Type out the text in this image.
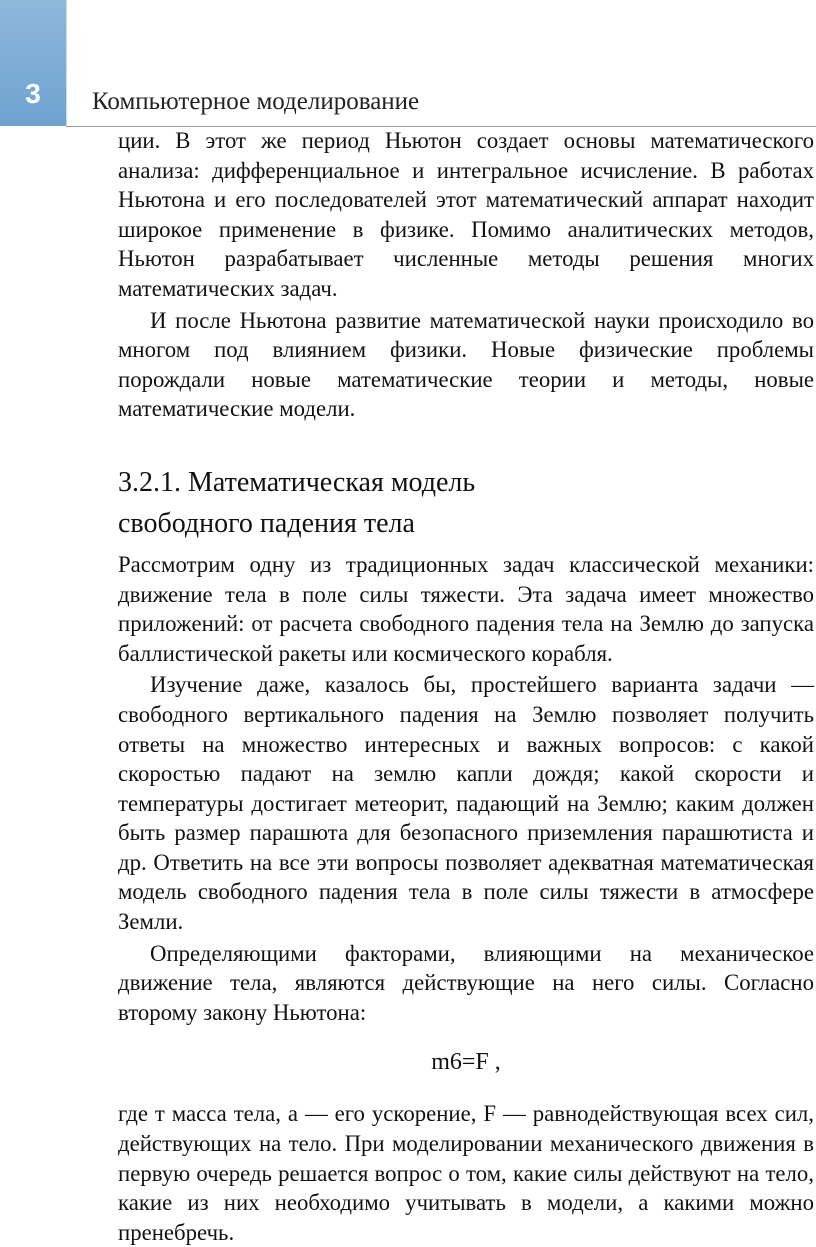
3	Компьютерное моделирование

ции. В этот же период Ньютон создает основы математического анализа: дифференциальное и интегральное исчисление. В работах Ньютона и его последователей этот математический аппарат находит широкое применение в физике. Помимо аналитических методов, Ньютон разрабатывает численные методы решения многих математических задач.

И после Ньютона развитие математической науки происходило во многом под влиянием физики. Новые физические проблемы порождали новые математические теории и методы, новые математические модели.

3.2.1. Математическая модель свободного падения тела

Рассмотрим одну из традиционных задач классической механики: движение тела в поле силы тяжести. Эта задача имеет множество приложений: от расчета свободного падения тела на Землю до запуска баллистической ракеты или космического корабля.

Изучение даже, казалось бы, простейшего варианта задачи — свободного вертикального падения на Землю позволяет получить ответы на множество интересных и важных вопросов: с какой скоростью падают на землю капли дождя; какой скорости и температуры достигает метеорит, падающий на Землю; каким должен быть размер парашюта для безопасного приземления парашютиста и др. Ответить на все эти вопросы позволяет адекватная математическая модель свободного падения тела в поле силы тяжести в атмосфере Земли.

Определяющими факторами, влияющими на механическое движение тела, являются действующие на него силы. Согласно второму закону Ньютона:

m6=F ,

где т масса тела, а — его ускорение, F — равнодействующая всех сил, действующих на тело. При моделировании механического движения в первую очередь решается вопрос о том, какие силы действуют на тело, какие из них необходимо учитывать в модели, а какими можно пренебречь.
